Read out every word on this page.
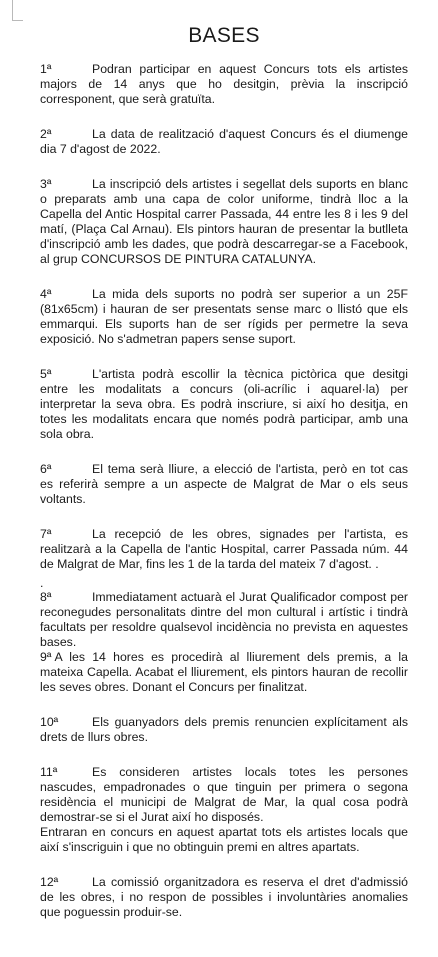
BASES

1ª	Podran participar en aquest Concurs tots els artistes majors de 14 anys que ho desitgin, prèvia la inscripció corresponent, que serà gratuïta.

2ª	La data de realització d'aquest Concurs és el diumenge dia 7 d'agost de 2022.

3ª	La inscripció dels artistes i segellat dels suports en blanc o preparats amb una capa de color uniforme, tindrà lloc a la Capella del Antic Hospital carrer Passada, 44 entre les 8 i les 9 del matí, (Plaça Cal Arnau). Els pintors hauran de presentar la butlleta d'inscripció amb les dades, que podrà descarregar-se a Facebook, al grup CONCURSOS DE PINTURA CATALUNYA.

4ª	La mida dels suports no podrà ser superior a un 25F (81x65cm) i hauran de ser presentats sense marc o llistó que els emmarqui. Els suports han de ser rígids per permetre la seva exposició. No s'admetran papers sense suport.

5ª	L'artista podrà escollir la tècnica pictòrica que desitgi entre les modalitats a concurs (oli-acrílic i aquarel·la) per interpretar la seva obra. Es podrà inscriure, si així ho desitja, en totes les modalitats encara que només podrà participar, amb una sola obra.

6ª	El tema serà lliure, a elecció de l'artista, però en tot cas es referirà sempre a un aspecte de Malgrat de Mar o els seus voltants.

7ª	La recepció de les obres, signades per l'artista, es realitzarà a la Capella de l'antic Hospital, carrer Passada núm. 44 de Malgrat de Mar, fins les 1 de la tarda del mateix 7 d'agost. .

.

8ª	Immediatament actuarà el Jurat Qualificador compost per reconegudes personalitats dintre del mon cultural i artístic i tindrà facultats per resoldre qualsevol incidència no prevista en aquestes bases.

9ª A les 14 hores es procedirà al lliurement dels premis, a la mateixa Capella. Acabat el lliurement, els pintors hauran de recollir les seves obres. Donant el Concurs per finalitzat.

10ª	Els guanyadors dels premis renuncien explícitament als drets de llurs obres.

11ª	Es consideren artistes locals totes les persones nascudes, empadronades o que tinguin per primera o segona residència el municipi de Malgrat de Mar, la qual cosa podrà demostrar-se si el Jurat així ho disposés.

Entraran en concurs en aquest apartat tots els artistes locals que així s'inscriguin i que no obtinguin premi en altres apartats.

12ª	La comissió organitzadora es reserva el dret d'admissió de les obres, i no respon de possibles i involuntàries anomalies que poguessin produir-se.
